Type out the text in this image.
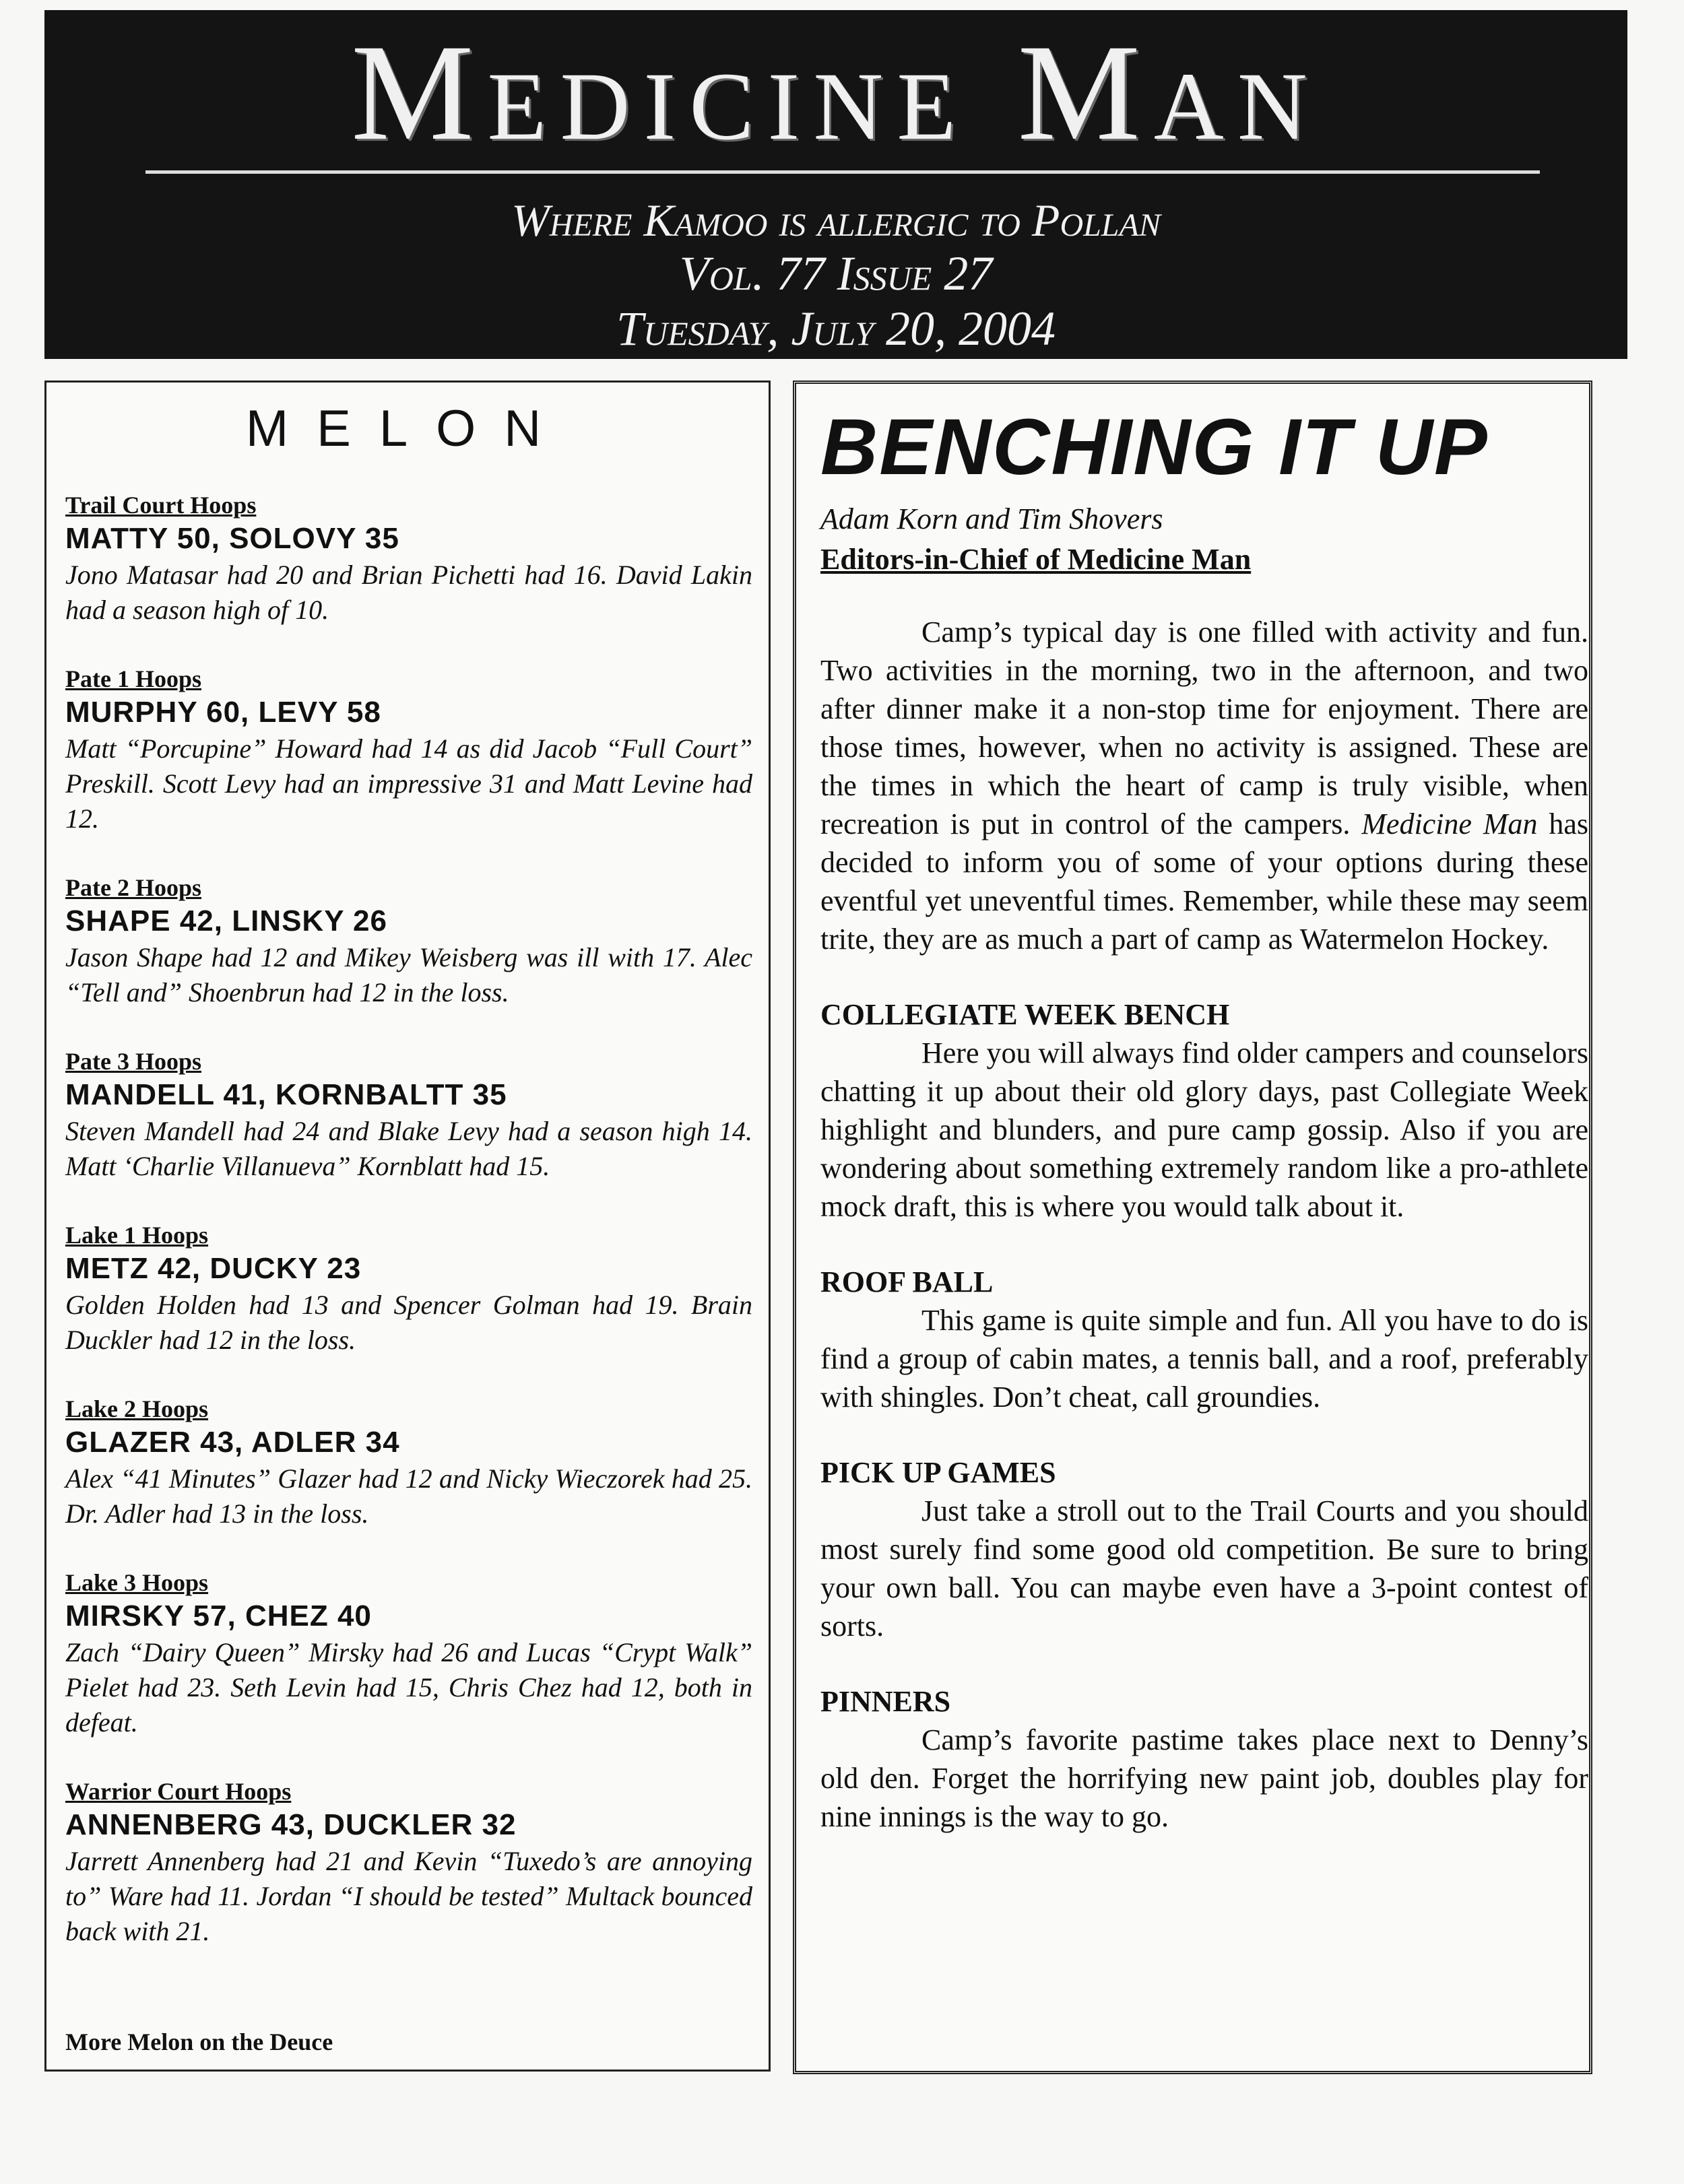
Medicine Man
Where Kamoo is allergic to Pollan
Vol. 77 Issue 27
Tuesday, July 20, 2004
MELON
Trail Court Hoops
MATTY 50, SOLOVY 35
Jono Matasar had 20 and Brian Pichetti had 16. David Lakin had a season high of 10.
Pate 1 Hoops
MURPHY 60, LEVY 58
Matt “Porcupine” Howard had 14 as did Jacob “Full Court” Preskill. Scott Levy had an impressive 31 and Matt Levine had 12.
Pate 2 Hoops
SHAPE 42, LINSKY 26
Jason Shape had 12 and Mikey Weisberg was ill with 17. Alec “Tell and” Shoenbrun had 12 in the loss.
Pate 3 Hoops
MANDELL 41, KORNBALTT 35
Steven Mandell had 24 and Blake Levy had a season high 14. Matt ‘Charlie Villanueva” Kornblatt had 15.
Lake 1 Hoops
METZ 42, DUCKY 23
Golden Holden had 13 and Spencer Golman had 19. Brain Duckler had 12 in the loss.
Lake 2 Hoops
GLAZER 43, ADLER 34
Alex “41 Minutes” Glazer had 12 and Nicky Wieczorek had 25. Dr. Adler had 13 in the loss.
Lake 3 Hoops
MIRSKY 57, CHEZ 40
Zach “Dairy Queen” Mirsky had 26 and Lucas “Crypt Walk” Pielet had 23. Seth Levin had 15, Chris Chez had 12, both in defeat.
Warrior Court Hoops
ANNENBERG 43, DUCKLER 32
Jarrett Annenberg had 21 and Kevin “Tuxedo’s are annoying to” Ware had 11. Jordan “I should be tested” Multack bounced back with 21.
More Melon on the Deuce
BENCHING IT UP
Adam Korn and Tim Shovers
Editors-in-Chief of Medicine Man

Camp’s typical day is one filled with activity and fun. Two activities in the morning, two in the afternoon, and two after dinner make it a non-stop time for enjoyment. There are those times, however, when no activity is assigned. These are the times in which the heart of camp is truly visible, when recreation is put in control of the campers. Medicine Man has decided to inform you of some of your options during these eventful yet uneventful times. Remember, while these may seem trite, they are as much a part of camp as Watermelon Hockey.

COLLEGIATE WEEK BENCH

Here you will always find older campers and counselors chatting it up about their old glory days, past Collegiate Week highlight and blunders, and pure camp gossip. Also if you are wondering about something extremely random like a pro-athlete mock draft, this is where you would talk about it.

ROOF BALL

This game is quite simple and fun. All you have to do is find a group of cabin mates, a tennis ball, and a roof, preferably with shingles. Don’t cheat, call groundies.

PICK UP GAMES

Just take a stroll out to the Trail Courts and you should most surely find some good old competition. Be sure to bring your own ball. You can maybe even have a 3-point contest of sorts.

PINNERS

Camp’s favorite pastime takes place next to Denny’s old den. Forget the horrifying new paint job, doubles play for nine innings is the way to go.
